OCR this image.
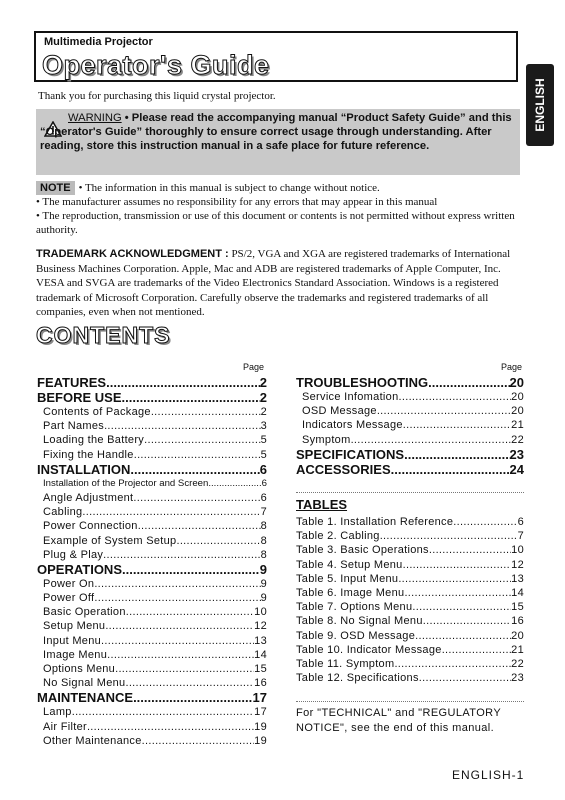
Multimedia Projector
Operator's Guide
ENGLISH
Thank you for purchasing this liquid crystal projector.
WARNING • Please read the accompanying manual “Product Safety Guide” and this “Operator's Guide” thoroughly to ensure correct usage through understanding. After reading, store this instruction manual in a safe place for future reference.
NOTE • The information in this manual is subject to change without notice.
• The manufacturer assumes no responsibility for any errors that may appear in this manual
• The reproduction, transmission or use of this document or contents is not permitted without express written authority.
TRADEMARK ACKNOWLEDGMENT : PS/2, VGA and XGA are registered trademarks of International Business Machines Corporation. Apple, Mac and ADB are registered trademarks of Apple Computer, Inc. VESA and SVGA are trademarks of the Video Electronics Standard Association. Windows is a registered trademark of Microsoft Corporation. Carefully observe the trademarks and registered trademarks of all companies, even when not mentioned.
CONTENTS
Page	Page
FEATURES .....	2
BEFORE USE .....	2
Contents of Package .....	2
Part Names .....	3
Loading the Battery .....	5
Fixing the Handle .....	5
INSTALLATION .....	6
Installation of the Projector and Screen .....	6
Angle Adjustment .....	6
Cabling .....	7
Power Connection .....	8
Example of System Setup .....	8
Plug & Play .....	8
OPERATIONS .....	9
Power On .....	9
Power Off .....	9
Basic Operation .....	10
Setup Menu .....	12
Input Menu .....	13
Image Menu .....	14
Options Menu .....	15
No Signal Menu .....	16
MAINTENANCE .....	17
Lamp .....	17
Air Filter .....	19
Other Maintenance .....	19
TROUBLESHOOTING .....	20
Service Infomation .....	20
OSD Message .....	20
Indicators Message .....	21
Symptom .....	22
SPECIFICATIONS .....	23
ACCESSORIES .....	24
TABLES
Table 1. Installation Reference .....	6
Table 2. Cabling .....	7
Table 3. Basic Operations .....	10
Table 4. Setup Menu .....	12
Table 5. Input Menu .....	13
Table 6. Image Menu .....	14
Table 7. Options Menu .....	15
Table 8. No Signal Menu .....	16
Table 9. OSD Message .....	20
Table 10. Indicator Message .....	21
Table 11. Symptom .....	22
Table 12. Specifications .....	23
For "TECHNICAL" and "REGULATORY NOTICE", see the end of this manual.
ENGLISH-1
